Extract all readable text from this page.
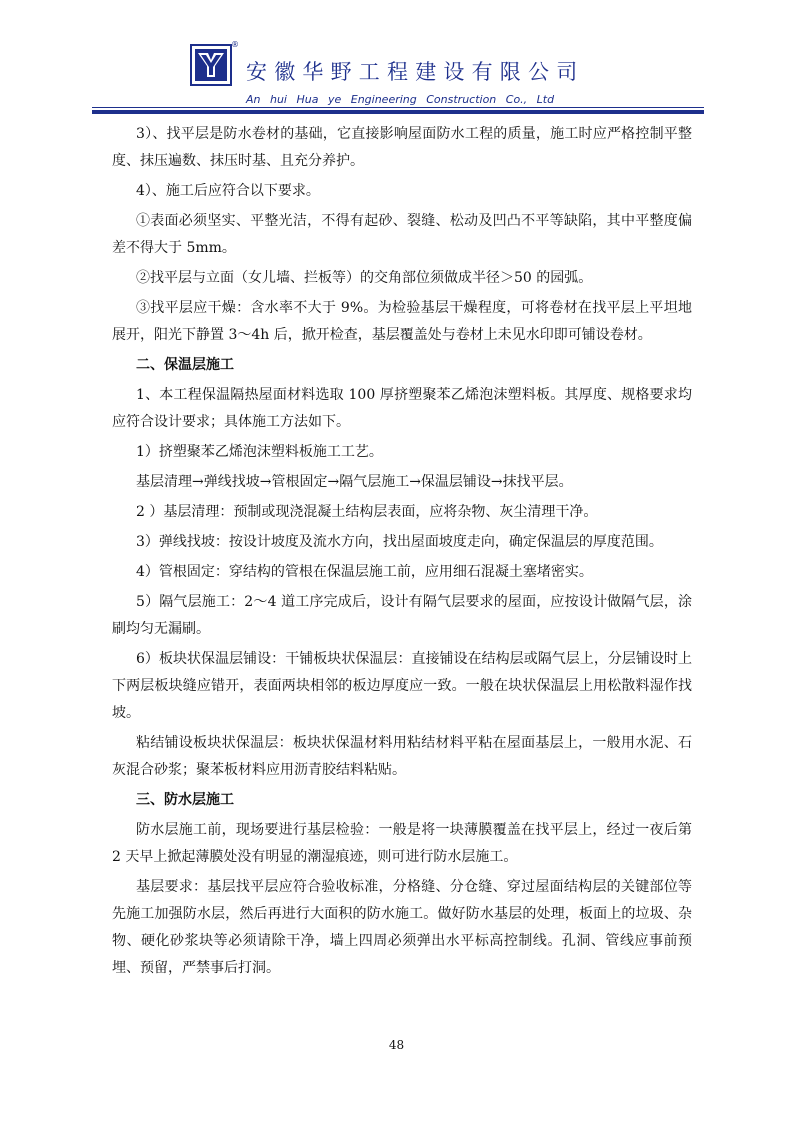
®
安徽华野工程建设有限公司
An hui Hua ye Engineering Construction Co., Ltd

3）、找平层是防水卷材的基础，它直接影响屋面防水工程的质量，施工时应严格控制平整度、抹压遍数、抹压时基、且充分养护。

4）、施工后应符合以下要求。

①表面必须坚实、平整光洁，不得有起砂、裂缝、松动及凹凸不平等缺陷，其中平整度偏差不得大于 5mm。

②找平层与立面（女儿墙、拦板等）的交角部位须做成半径＞50 的园弧。

③找平层应干燥：含水率不大于 9%。为检验基层干燥程度，可将卷材在找平层上平坦地展开，阳光下静置 3～4h 后，掀开检查，基层覆盖处与卷材上未见水印即可铺设卷材。

二、保温层施工

1、本工程保温隔热屋面材料选取 100 厚挤塑聚苯乙烯泡沫塑料板。其厚度、规格要求均应符合设计要求；具体施工方法如下。

1）挤塑聚苯乙烯泡沫塑料板施工工艺。

基层清理→弹线找坡→管根固定→隔气层施工→保温层铺设→抹找平层。

2 ）基层清理：预制或现浇混凝土结构层表面，应将杂物、灰尘清理干净。

3）弹线找坡：按设计坡度及流水方向，找出屋面坡度走向，确定保温层的厚度范围。

4）管根固定：穿结构的管根在保温层施工前，应用细石混凝土塞堵密实。

5）隔气层施工：2～4 道工序完成后，设计有隔气层要求的屋面，应按设计做隔气层，涂刷均匀无漏刷。

6）板块状保温层铺设：干铺板块状保温层：直接铺设在结构层或隔气层上，分层铺设时上下两层板块缝应错开，表面两块相邻的板边厚度应一致。一般在块状保温层上用松散料湿作找坡。

粘结铺设板块状保温层：板块状保温材料用粘结材料平粘在屋面基层上，一般用水泥、石灰混合砂浆；聚苯板材料应用沥青胶结料粘贴。

三、防水层施工

防水层施工前，现场要进行基层检验：一般是将一块薄膜覆盖在找平层上，经过一夜后第 2 天早上掀起薄膜处没有明显的潮湿痕迹，则可进行防水层施工。

基层要求：基层找平层应符合验收标准，分格缝、分仓缝、穿过屋面结构层的关键部位等先施工加强防水层，然后再进行大面积的防水施工。做好防水基层的处理，板面上的垃圾、杂物、硬化砂浆块等必须请除干净，墙上四周必须弹出水平标高控制线。孔洞、管线应事前预埋、预留，严禁事后打洞。

48
